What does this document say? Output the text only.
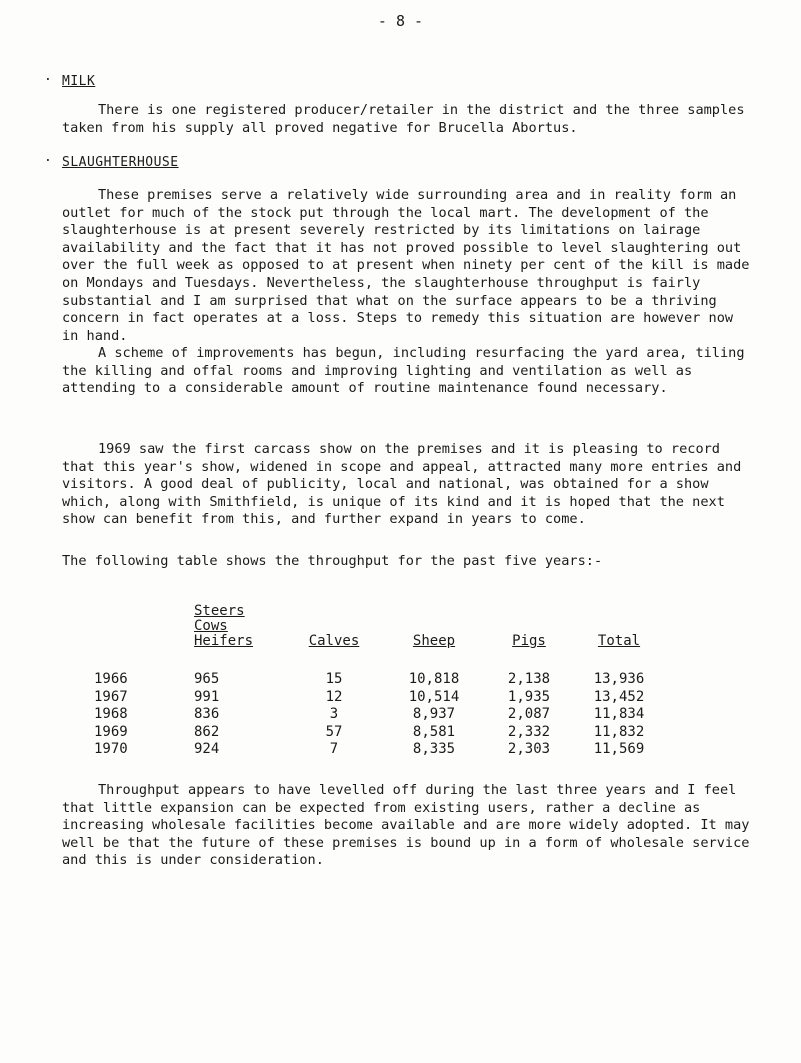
- 8 -
. MILK

There is one registered producer/retailer in the district and the three samples taken from his supply all proved negative for Brucella Abortus.

. SLAUGHTERHOUSE

These premises serve a relatively wide surrounding area and in reality form an outlet for much of the stock put through the local mart. The development of the slaughterhouse is at present severely restricted by its limitations on lairage availability and the fact that it has not proved possible to level slaughtering out over the full week as opposed to at present when ninety per cent of the kill is made on Mondays and Tuesdays. Nevertheless, the slaughterhouse throughput is fairly substantial and I am surprised that what on the surface appears to be a thriving concern in fact operates at a loss. Steps to remedy this situation are however now in hand.

A scheme of improvements has begun, including resurfacing the yard area, tiling the killing and offal rooms and improving lighting and ventilation as well as attending to a considerable amount of routine maintenance found necessary.

1969 saw the first carcass show on the premises and it is pleasing to record that this year's show, widened in scope and appeal, attracted many more entries and visitors. A good deal of publicity, local and national, was obtained for a show which, along with Smithfield, is unique of its kind and it is hoped that the next show can benefit from this, and further expand in years to come.

The following table shows the throughput for the past five years:-

	Steers
Cows
Heifers	Calves	Sheep	Pigs	Total
1966	965	15	10,818	2,138	13,936
1967	991	12	10,514	1,935	13,452
1968	836	3	8,937	2,087	11,834
1969	862	57	8,581	2,332	11,832
1970	924	7	8,335	2,303	11,569

Throughput appears to have levelled off during the last three years and I feel that little expansion can be expected from existing users, rather a decline as increasing wholesale facilities become available and are more widely adopted. It may well be that the future of these premises is bound up in a form of wholesale service and this is under consideration.
